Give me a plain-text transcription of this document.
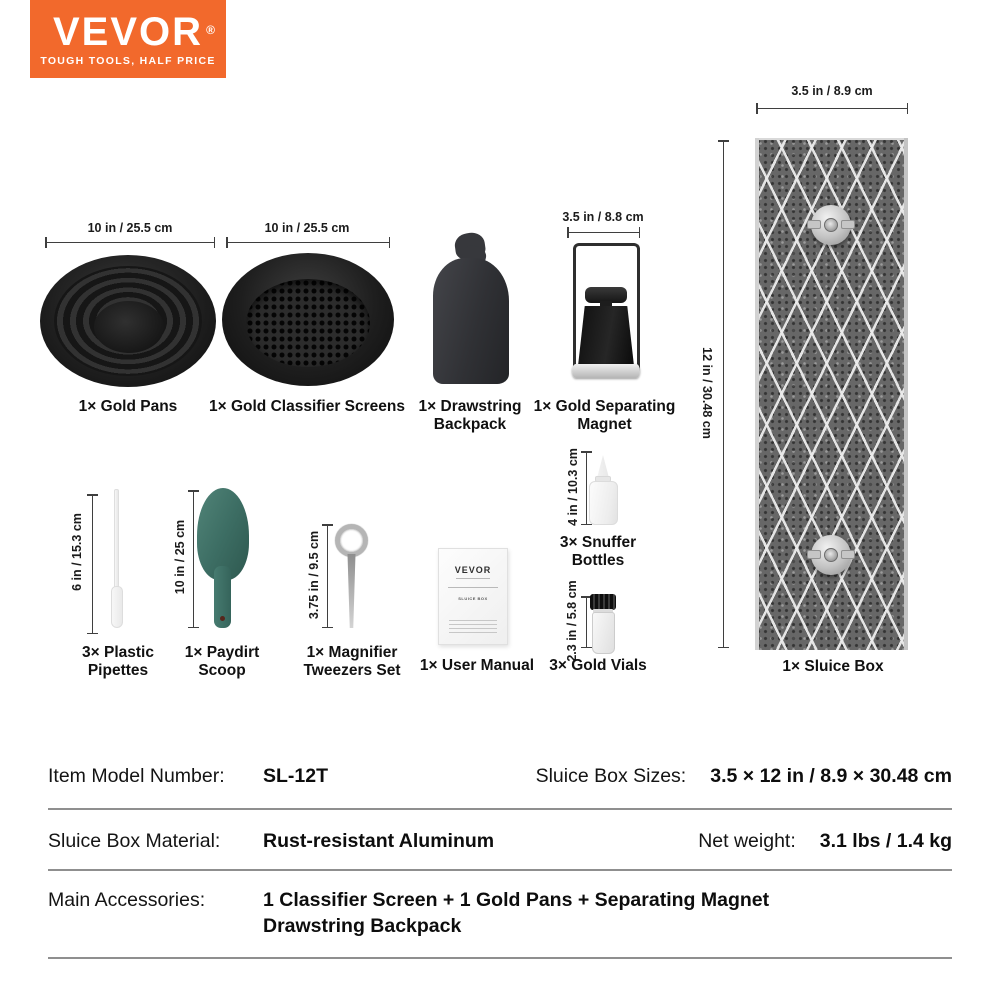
VEVOR ®
TOUGH TOOLS, HALF PRICE
10 in / 25.5 cm
1× Gold Pans
10 in / 25.5 cm
1× Gold Classifier Screens 1× Drawstring Backpack
3.5 in / 8.8 cm
1× Gold Separating Magnet
3.5 in / 8.9 cm
12 in / 30.48 cm
1× Sluice Box
6 in / 15.3 cm
3× Plastic Pipettes
10 in / 25 cm
1× Paydirt Scoop
3.75 in / 9.5 cm
1× Magnifier Tweezers Set
VEVOR
SLUICE BOX
1× User Manual
4 in / 10.3 cm
3× Snuffer Bottles
2.3 in / 5.8 cm
3× Gold Vials
Item Model Number: SL-12T	Sluice Box Sizes: 3.5 × 12 in / 8.9 × 30.48 cm
Sluice Box Material: Rust-resistant Aluminum	Net weight: 3.1 lbs / 1.4 kg
Main Accessories:	1 Classifier Screen + 1 Gold Pans + Separating Magnet
Drawstring Backpack
